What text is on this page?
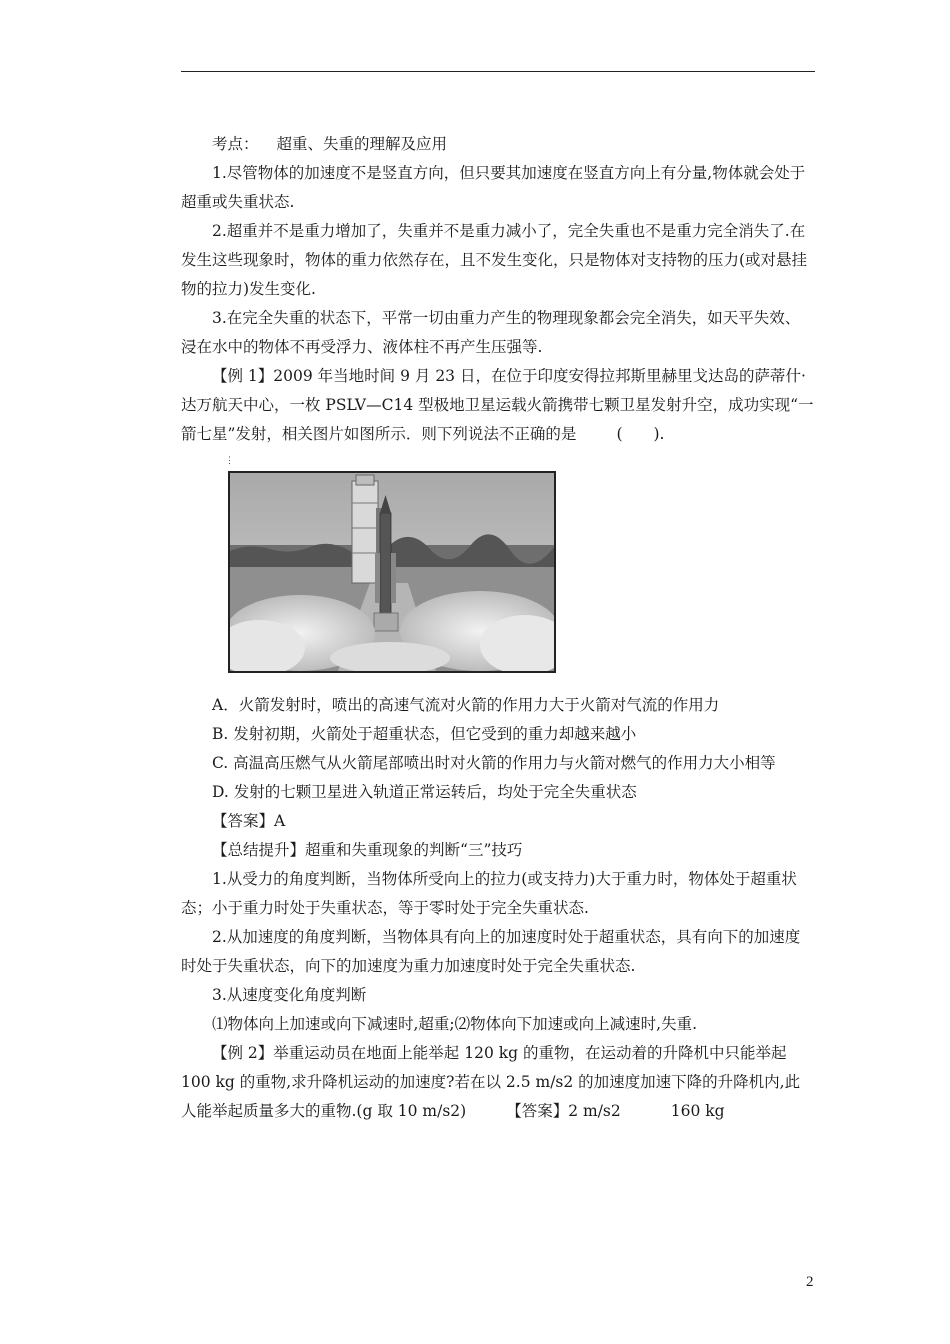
考点： 超重、失重的理解及应用

1.尽管物体的加速度不是竖直方向，但只要其加速度在竖直方向上有分量,物体就会处于超重或失重状态.

2.超重并不是重力增加了，失重并不是重力减小了，完全失重也不是重力完全消失了.在发生这些现象时，物体的重力依然存在，且不发生变化，只是物体对支持物的压力(或对悬挂物的拉力)发生变化.

3.在完全失重的状态下，平常一切由重力产生的物理现象都会完全消失，如天平失效、浸在水中的物体不再受浮力、液体柱不再产生压强等.

【例 1】2009 年当地时间 9 月 23 日，在位于印度安得拉邦斯里赫里戈达岛的萨蒂什·达万航天中心，一枚 PSLV—C14 型极地卫星运载火箭携带七颗卫星发射升空，成功实现“一箭七星”发射，相关图片如图所示．则下列说法不正确的是	(　　).

⋮

A．火箭发射时，喷出的高速气流对火箭的作用力大于火箭对气流的作用力

B. 发射初期，火箭处于超重状态，但它受到的重力却越来越小

C. 高温高压燃气从火箭尾部喷出时对火箭的作用力与火箭对燃气的作用力大小相等

D. 发射的七颗卫星进入轨道正常运转后，均处于完全失重状态

【答案】A

【总结提升】超重和失重现象的判断“三”技巧

1.从受力的角度判断，当物体所受向上的拉力(或支持力)大于重力时，物体处于超重状态；小于重力时处于失重状态，等于零时处于完全失重状态.

2.从加速度的角度判断，当物体具有向上的加速度时处于超重状态，具有向下的加速度时处于失重状态，向下的加速度为重力加速度时处于完全失重状态.

3.从速度变化角度判断

⑴物体向上加速或向下减速时,超重;⑵物体向下加速或向上减速时,失重.

【例 2】举重运动员在地面上能举起 120 kg 的重物，在运动着的升降机中只能举起 100 kg 的重物,求升降机运动的加速度?若在以 2.5 m/s2 的加速度加速下降的升降机内,此人能举起质量多大的重物.(g 取 10 m/s2)	【答案】2 m/s2	160 kg

2
